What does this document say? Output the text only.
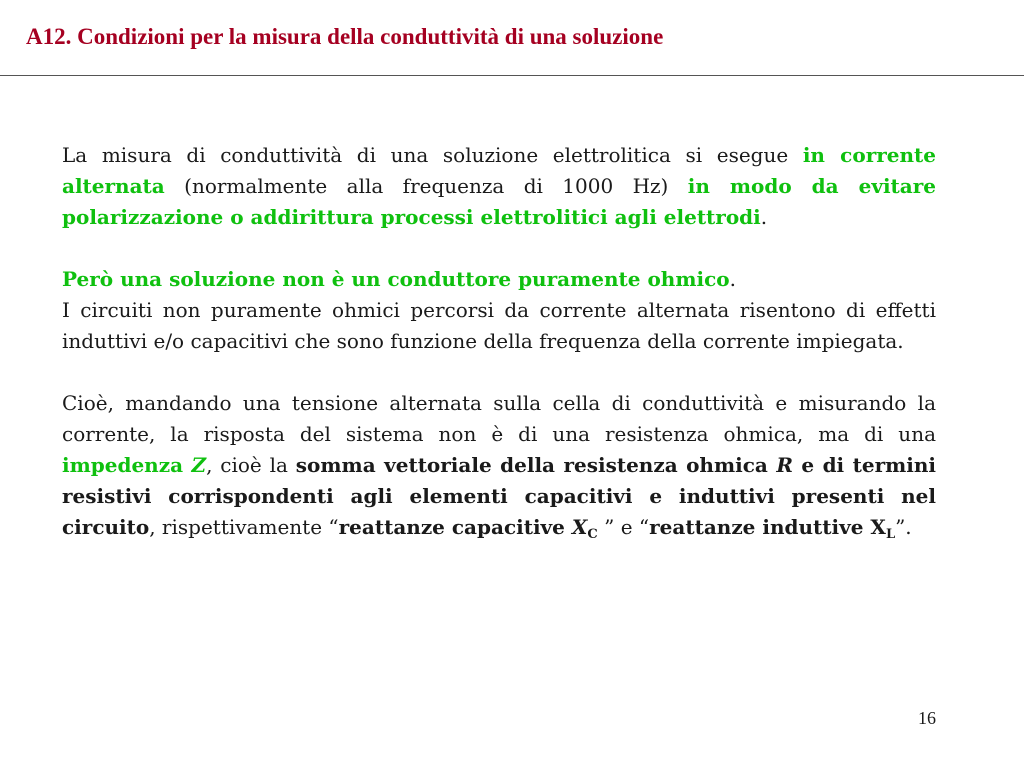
A12. Condizioni per la misura della conduttività di una soluzione

La misura di conduttività di una soluzione elettrolitica si esegue in corrente alternata (normalmente alla frequenza di 1000 Hz) in modo da evitare polarizzazione o addirittura processi elettrolitici agli elettrodi.

Però una soluzione non è un conduttore puramente ohmico.

I circuiti non puramente ohmici percorsi da corrente alternata risentono di effetti induttivi e/o capacitivi che sono funzione della frequenza della corrente impiegata.

Cioè, mandando una tensione alternata sulla cella di conduttività e misurando la corrente, la risposta del sistema non è di una resistenza ohmica, ma di una impedenza Z, cioè la somma vettoriale della resistenza ohmica R e di termini resistivi corrispondenti agli elementi capacitivi e induttivi presenti nel circuito, rispettivamente “reattanze capacitive $X_C$ ” e “reattanze induttive $X_L$”.

16
